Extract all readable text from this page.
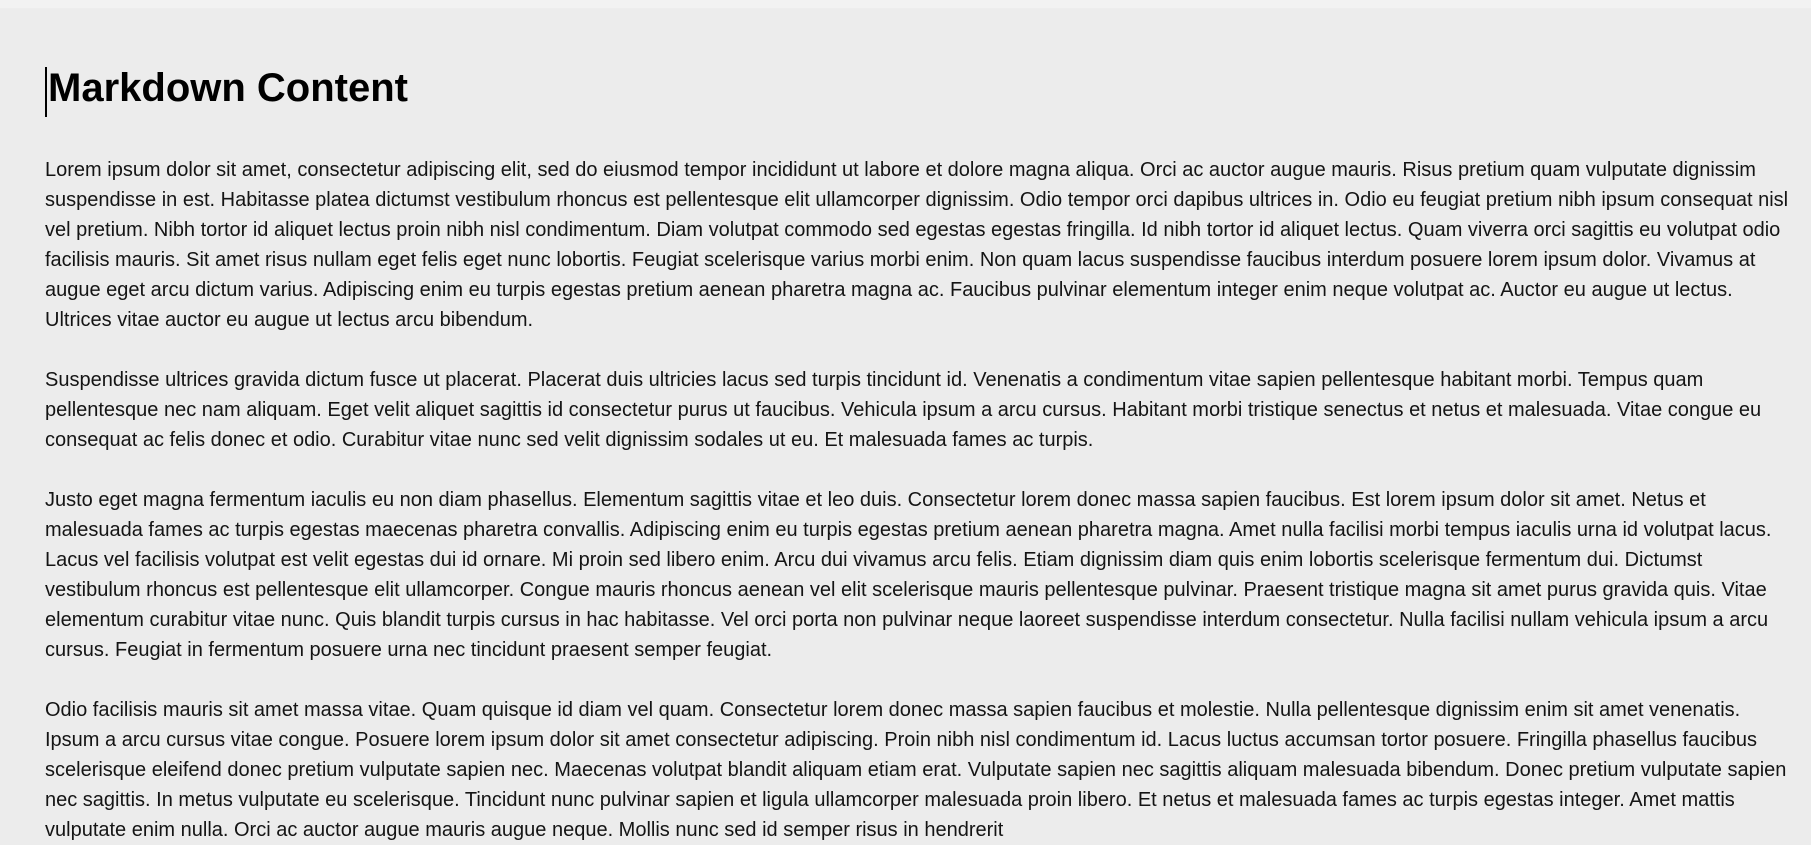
Markdown Content

Lorem ipsum dolor sit amet, consectetur adipiscing elit, sed do eiusmod tempor incididunt ut labore et dolore magna aliqua. Orci ac auctor augue mauris. Risus pretium quam vulputate dignissim suspendisse in est. Habitasse platea dictumst vestibulum rhoncus est pellentesque elit ullamcorper dignissim. Odio tempor orci dapibus ultrices in. Odio eu feugiat pretium nibh ipsum consequat nisl vel pretium. Nibh tortor id aliquet lectus proin nibh nisl condimentum. Diam volutpat commodo sed egestas egestas fringilla. Id nibh tortor id aliquet lectus. Quam viverra orci sagittis eu volutpat odio facilisis mauris. Sit amet risus nullam eget felis eget nunc lobortis. Feugiat scelerisque varius morbi enim. Non quam lacus suspendisse faucibus interdum posuere lorem ipsum dolor. Vivamus at augue eget arcu dictum varius. Adipiscing enim eu turpis egestas pretium aenean pharetra magna ac. Faucibus pulvinar elementum integer enim neque volutpat ac. Auctor eu augue ut lectus. Ultrices vitae auctor eu augue ut lectus arcu bibendum.

Suspendisse ultrices gravida dictum fusce ut placerat. Placerat duis ultricies lacus sed turpis tincidunt id. Venenatis a condimentum vitae sapien pellentesque habitant morbi. Tempus quam pellentesque nec nam aliquam. Eget velit aliquet sagittis id consectetur purus ut faucibus. Vehicula ipsum a arcu cursus. Habitant morbi tristique senectus et netus et malesuada. Vitae congue eu consequat ac felis donec et odio. Curabitur vitae nunc sed velit dignissim sodales ut eu. Et malesuada fames ac turpis.

Justo eget magna fermentum iaculis eu non diam phasellus. Elementum sagittis vitae et leo duis. Consectetur lorem donec massa sapien faucibus. Est lorem ipsum dolor sit amet. Netus et malesuada fames ac turpis egestas maecenas pharetra convallis. Adipiscing enim eu turpis egestas pretium aenean pharetra magna. Amet nulla facilisi morbi tempus iaculis urna id volutpat lacus. Lacus vel facilisis volutpat est velit egestas dui id ornare. Mi proin sed libero enim. Arcu dui vivamus arcu felis. Etiam dignissim diam quis enim lobortis scelerisque fermentum dui. Dictumst vestibulum rhoncus est pellentesque elit ullamcorper. Congue mauris rhoncus aenean vel elit scelerisque mauris pellentesque pulvinar. Praesent tristique magna sit amet purus gravida quis. Vitae elementum curabitur vitae nunc. Quis blandit turpis cursus in hac habitasse. Vel orci porta non pulvinar neque laoreet suspendisse interdum consectetur. Nulla facilisi nullam vehicula ipsum a arcu cursus. Feugiat in fermentum posuere urna nec tincidunt praesent semper feugiat.

Odio facilisis mauris sit amet massa vitae. Quam quisque id diam vel quam. Consectetur lorem donec massa sapien faucibus et molestie. Nulla pellentesque dignissim enim sit amet venenatis. Ipsum a arcu cursus vitae congue. Posuere lorem ipsum dolor sit amet consectetur adipiscing. Proin nibh nisl condimentum id. Lacus luctus accumsan tortor posuere. Fringilla phasellus faucibus scelerisque eleifend donec pretium vulputate sapien nec. Maecenas volutpat blandit aliquam etiam erat. Vulputate sapien nec sagittis aliquam malesuada bibendum. Donec pretium vulputate sapien nec sagittis. In metus vulputate eu scelerisque. Tincidunt nunc pulvinar sapien et ligula ullamcorper malesuada proin libero. Et netus et malesuada fames ac turpis egestas integer. Amet mattis vulputate enim nulla. Orci ac auctor augue mauris augue neque. Mollis nunc sed id semper risus in hendrerit
